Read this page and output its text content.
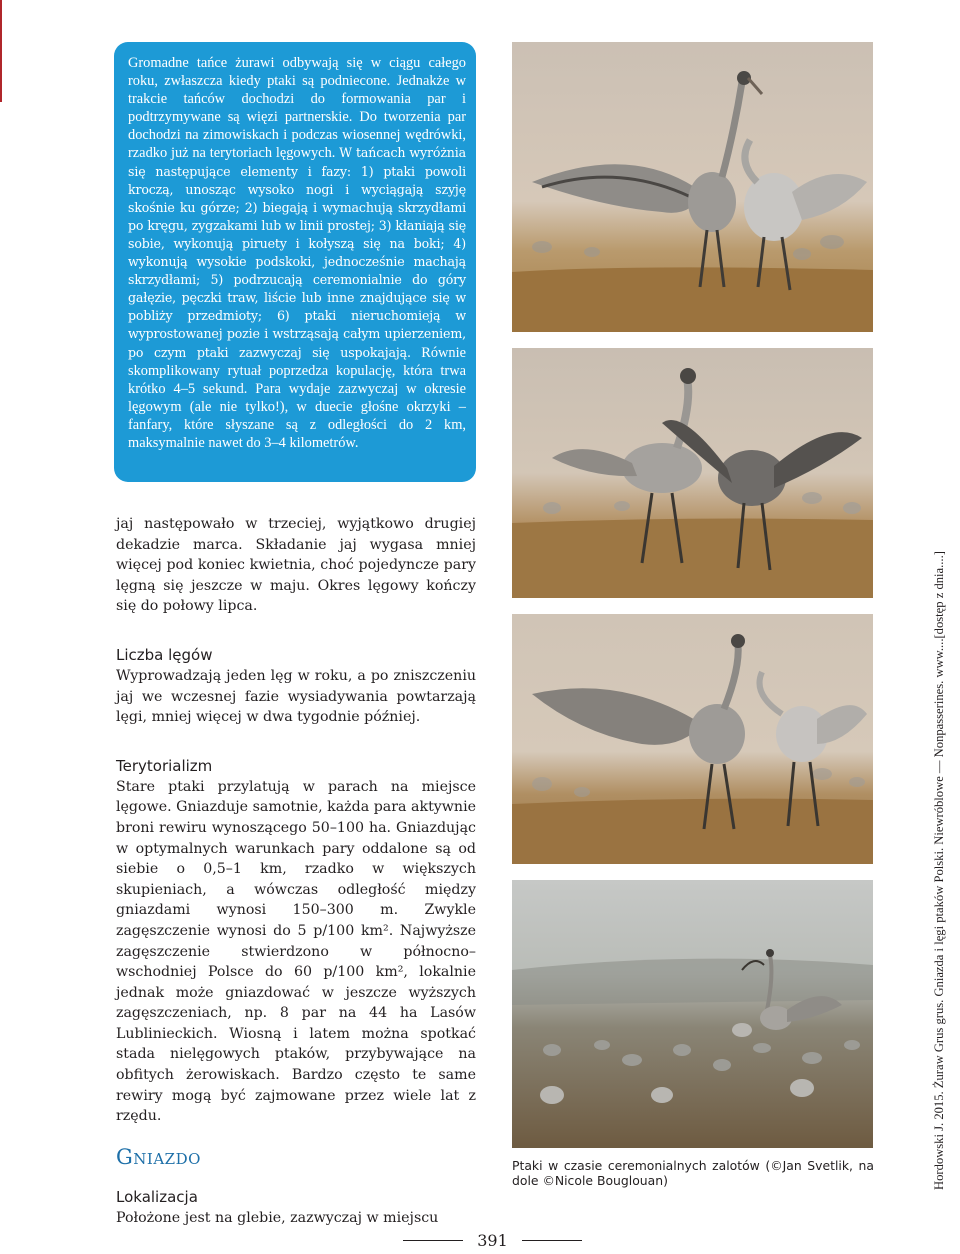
Gromadne tańce żurawi odbywają się w ciągu całego roku, zwłaszcza kiedy ptaki są podniecone. Jednakże w trakcie tańców dochodzi do formowania par i podtrzymywane są więzi partnerskie. Do tworzenia par dochodzi na zimowiskach i podczas wiosennej wędrówki, rzadko już na terytoriach lęgowych. W tańcach wyróżnia się następujące elementy i fazy: 1) ptaki powoli kroczą, unosząc wysoko nogi i wyciągają szyję skośnie ku górze; 2) biegają i wymachują skrzydłami po kręgu, zygzakami lub w linii prostej; 3) kłaniają się sobie, wykonują piruety i kołyszą się na boki; 4) wykonują wysokie podskoki, jednocześnie machają skrzydłami; 5) podrzucają ceremonialnie do góry gałęzie, pęczki traw, liście lub inne znajdujące się w pobliży przedmioty; 6) ptaki nieruchomieją w wyprostowanej pozie i wstrząsają całym upierzeniem, po czym ptaki zazwyczaj się uspokajają. Równie skomplikowany rytuał poprzedza kopulację, która trwa krótko 4–5 sekund. Para wydaje zazwyczaj w okresie lęgowym (ale nie tylko!), w duecie głośne okrzyki – fanfary, które słyszane są z odległości do 2 km, maksymalnie nawet do 3–4 kilometrów.

jaj następowało w trzeciej, wyjątkowo drugiej dekadzie marca. Składanie jaj wygasa mniej więcej pod koniec kwietnia, choć pojedyncze pary lęgną się jeszcze w maju. Okres lęgowy kończy się do połowy lipca.

Liczba lęgów

Wyprowadzają jeden lęg w roku, a po zniszczeniu jaj we wczesnej fazie wysiadywania powtarzają lęgi, mniej więcej w dwa tygodnie później.

Terytorializm

Stare ptaki przylatują w parach na miejsce lęgowe. Gniazduje samotnie, każda para aktywnie broni rewiru wynoszącego 50–100 ha. Gniazdując w optymalnych warunkach pary oddalone są od siebie o 0,5–1 km, rzadko w większych skupieniach, a wówczas odległość między gniazdami wynosi 150–300 m. Zwykle zagęszczenie wynosi do 5 p/100 km². Najwyższe zagęszczenie stwierdzono w północno–wschodniej Polsce do 60 p/100 km², lokalnie jednak może gniazdować w jeszcze wyższych zagęszczeniach, np. 8 par na 44 ha Lasów Lublinieckich. Wiosną i latem można spotkać stada nielęgowych ptaków, przybywające na obfitych żerowiskach. Bardzo często te same rewiry mogą być zajmowane przez wiele lat z rzędu.

Gniazdo
Lokalizacja

Położone jest na glebie, zazwyczaj w miejscu

Ptaki w czasie ceremonialnych zalotów (©Jan Svetlik, na dole ©Nicole Bouglouan)	Hordowski J. 2015. Żuraw Grus grus. Gniazda i lęgi ptaków Polski. Niewróblowe — Nonpasserines. www....[dostęp z dnia....]
391
